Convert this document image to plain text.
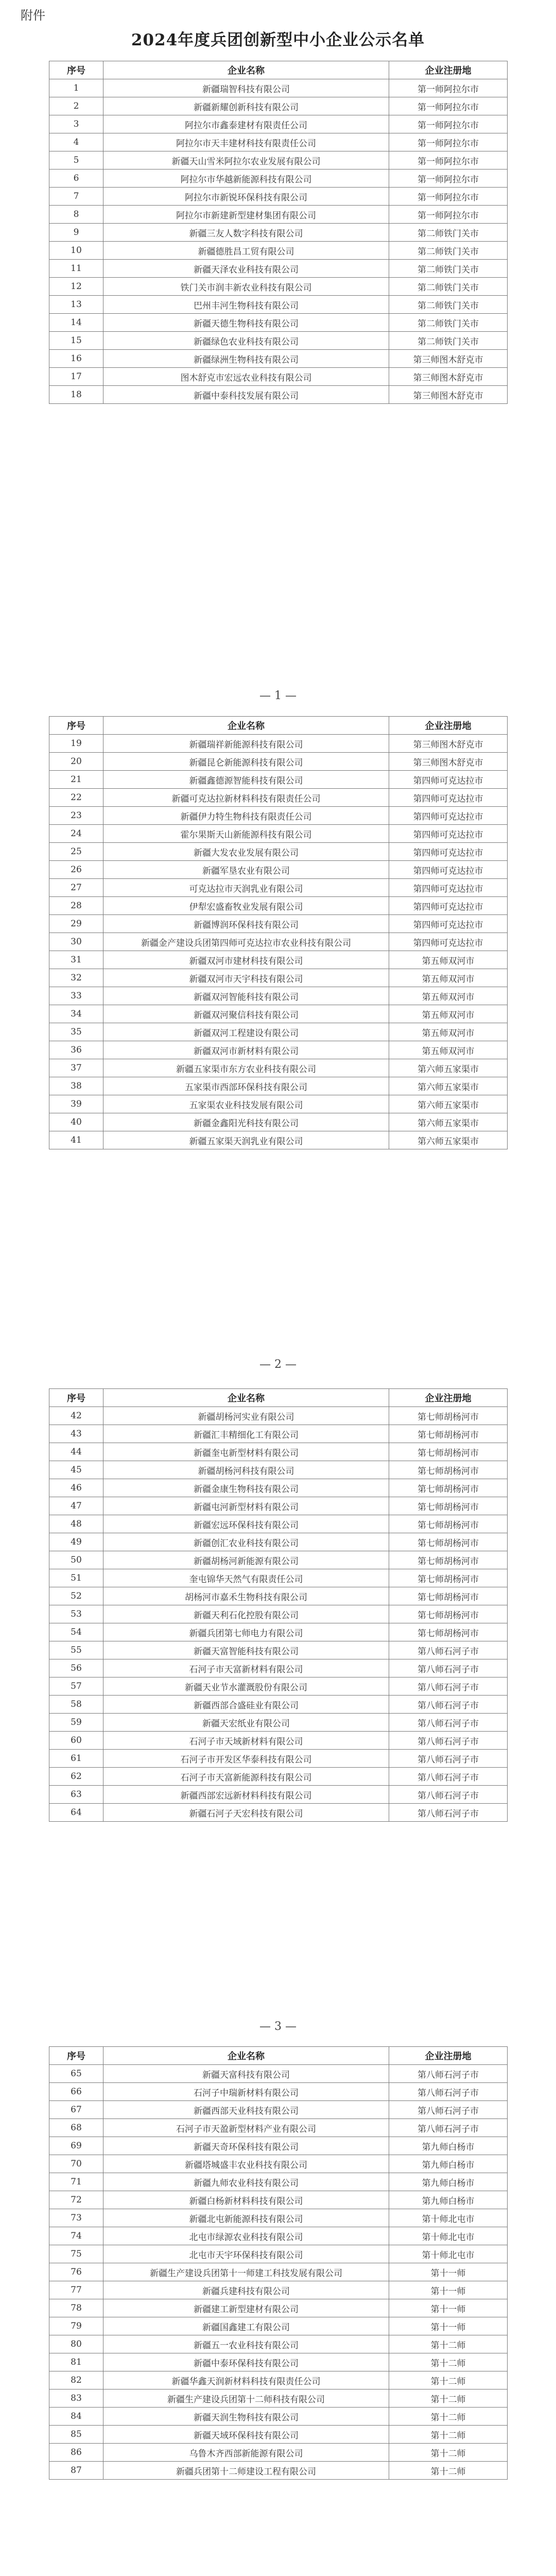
附件
2024年度兵团创新型中小企业公示名单
序号	企业名称	企业注册地
1	新疆瑞智科技有限公司	第一师阿拉尔市
2	新疆新耀创新科技有限公司	第一师阿拉尔市
3	阿拉尔市鑫泰建材有限责任公司	第一师阿拉尔市
4	阿拉尔市天丰建材科技有限责任公司	第一师阿拉尔市
5	新疆天山雪米阿拉尔农业发展有限公司	第一师阿拉尔市
6	阿拉尔市华越新能源科技有限公司	第一师阿拉尔市
7	阿拉尔市新锐环保科技有限公司	第一师阿拉尔市
8	阿拉尔市新建新型建材集团有限公司	第一师阿拉尔市
9	新疆三友人数字科技有限公司	第二师铁门关市
10	新疆德胜昌工贸有限公司	第二师铁门关市
11	新疆天泽农业科技有限公司	第二师铁门关市
12	铁门关市润丰新农业科技有限公司	第二师铁门关市
13	巴州丰河生物科技有限公司	第二师铁门关市
14	新疆天德生物科技有限公司	第二师铁门关市
15	新疆绿色农业科技有限公司	第二师铁门关市
16	新疆绿洲生物科技有限公司	第三师图木舒克市
17	图木舒克市宏远农业科技有限公司	第三师图木舒克市
18	新疆中泰科技发展有限公司	第三师图木舒克市
— 1 —
序号	企业名称	企业注册地
19	新疆瑞祥新能源科技有限公司	第三师图木舒克市
20	新疆昆仑新能源科技有限公司	第三师图木舒克市
21	新疆鑫德源智能科技有限公司	第四师可克达拉市
22	新疆可克达拉新材料科技有限责任公司	第四师可克达拉市
23	新疆伊力特生物科技有限责任公司	第四师可克达拉市
24	霍尔果斯天山新能源科技有限公司	第四师可克达拉市
25	新疆大发农业发展有限公司	第四师可克达拉市
26	新疆军垦农业有限公司	第四师可克达拉市
27	可克达拉市天润乳业有限公司	第四师可克达拉市
28	伊犁宏盛畜牧业发展有限公司	第四师可克达拉市
29	新疆博润环保科技有限公司	第四师可克达拉市
30	新疆金产建设兵团第四师可克达拉市农业科技有限公司	第四师可克达拉市
31	新疆双河市建材科技有限公司	第五师双河市
32	新疆双河市天宇科技有限公司	第五师双河市
33	新疆双河智能科技有限公司	第五师双河市
34	新疆双河聚信科技有限公司	第五师双河市
35	新疆双河工程建设有限公司	第五师双河市
36	新疆双河市新材料有限公司	第五师双河市
37	新疆五家渠市东方农业科技有限公司	第六师五家渠市
38	五家渠市西部环保科技有限公司	第六师五家渠市
39	五家渠农业科技发展有限公司	第六师五家渠市
40	新疆金鑫阳光科技有限公司	第六师五家渠市
41	新疆五家渠天润乳业有限公司	第六师五家渠市
— 2 —
序号	企业名称	企业注册地
42	新疆胡杨河实业有限公司	第七师胡杨河市
43	新疆汇丰精细化工有限公司	第七师胡杨河市
44	新疆奎屯新型材料有限公司	第七师胡杨河市
45	新疆胡杨河科技有限公司	第七师胡杨河市
46	新疆金康生物科技有限公司	第七师胡杨河市
47	新疆屯河新型材料有限公司	第七师胡杨河市
48	新疆宏远环保科技有限公司	第七师胡杨河市
49	新疆创汇农业科技有限公司	第七师胡杨河市
50	新疆胡杨河新能源有限公司	第七师胡杨河市
51	奎屯锦华天然气有限责任公司	第七师胡杨河市
52	胡杨河市嘉禾生物科技有限公司	第七师胡杨河市
53	新疆天利石化控股有限公司	第七师胡杨河市
54	新疆兵团第七师电力有限公司	第七师胡杨河市
55	新疆天富智能科技有限公司	第八师石河子市
56	石河子市天富新材料有限公司	第八师石河子市
57	新疆天业节水灌溉股份有限公司	第八师石河子市
58	新疆西部合盛硅业有限公司	第八师石河子市
59	新疆天宏纸业有限公司	第八师石河子市
60	石河子市天域新材料有限公司	第八师石河子市
61	石河子市开发区华泰科技有限公司	第八师石河子市
62	石河子市天富新能源科技有限公司	第八师石河子市
63	新疆西部宏远新材料科技有限公司	第八师石河子市
64	新疆石河子天宏科技有限公司	第八师石河子市
— 3 —
序号	企业名称	企业注册地
65	新疆天富科技有限公司	第八师石河子市
66	石河子中瑞新材料有限公司	第八师石河子市
67	新疆西部天业科技有限公司	第八师石河子市
68	石河子市天盈新型材料产业有限公司	第八师石河子市
69	新疆天奇环保科技有限公司	第九师白杨市
70	新疆塔城盛丰农业科技有限公司	第九师白杨市
71	新疆九师农业科技有限公司	第九师白杨市
72	新疆白杨新材料科技有限公司	第九师白杨市
73	新疆北屯新能源科技有限公司	第十师北屯市
74	北屯市绿源农业科技有限公司	第十师北屯市
75	北屯市天宇环保科技有限公司	第十师北屯市
76	新疆生产建设兵团第十一师建工科技发展有限公司	第十一师
77	新疆兵建科技有限公司	第十一师
78	新疆建工新型建材有限公司	第十一师
79	新疆国鑫建工有限公司	第十一师
80	新疆五一农业科技有限公司	第十二师
81	新疆中泰环保科技有限公司	第十二师
82	新疆华鑫天润新材料科技有限责任公司	第十二师
83	新疆生产建设兵团第十二师科技有限公司	第十二师
84	新疆天润生物科技有限公司	第十二师
85	新疆天域环保科技有限公司	第十二师
86	乌鲁木齐西部新能源有限公司	第十二师
87	新疆兵团第十二师建设工程有限公司	第十二师
